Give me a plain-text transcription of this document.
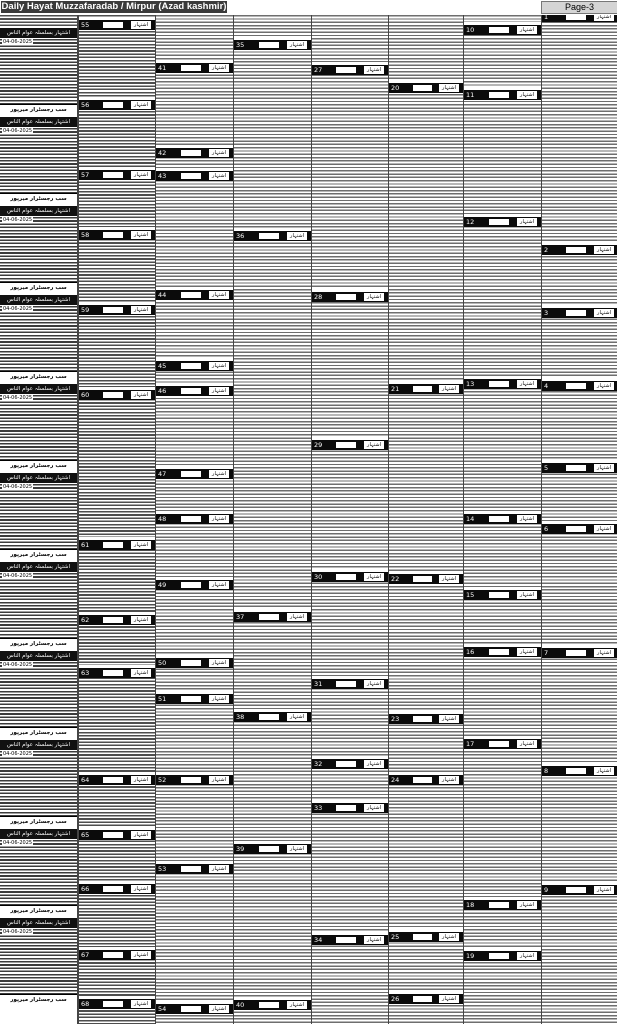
Daily Hayat Muzzafaradab / Mirpur (Azad kashmir)	Page-3
1	اشتہار
2	اشتہار
3	اشتہار
4	اشتہار
5	اشتہار
6	اشتہار
7	اشتہار
8	اشتہار
9	اشتہار
10	اشتہار
11	اشتہار
12	اشتہار
13	اشتہار
14	اشتہار
15	اشتہار
16	اشتہار
17	اشتہار
18	اشتہار
19	اشتہار
20	اشتہار
21	اشتہار
22	اشتہار
23	اشتہار
24	اشتہار
25	اشتہار
26	اشتہار
27	اشتہار
28	اشتہار
29	اشتہار
30	اشتہار
31	اشتہار
32	اشتہار
33	اشتہار
34	اشتہار
35	اشتہار
36	اشتہار
37	اشتہار
38	اشتہار
39	اشتہار
40	اشتہار
41	اشتہار
42	اشتہار
43	اشتہار
44	اشتہار
45	اشتہار
46	اشتہار
47	اشتہار
48	اشتہار
49	اشتہار
50	اشتہار
51	اشتہار
52	اشتہار
53	اشتہار
54	اشتہار
55	اشتہار
56	اشتہار
57	اشتہار
58	اشتہار
59	اشتہار
60	اشتہار
61	اشتہار
62	اشتہار
63	اشتہار
64	اشتہار
65	اشتہار
66	اشتہار
67	اشتہار
68	اشتہار
اشتہار بسلسلہ عوام الناس
04-06-2025
سب رجسٹرار میرپور
اشتہار بسلسلہ عوام الناس
04-06-2025
سب رجسٹرار میرپور
اشتہار بسلسلہ عوام الناس
04-06-2025
سب رجسٹرار میرپور
اشتہار بسلسلہ عوام الناس
04-06-2025
سب رجسٹرار میرپور
اشتہار بسلسلہ عوام الناس
04-06-2025
سب رجسٹرار میرپور
اشتہار بسلسلہ عوام الناس
04-06-2025
سب رجسٹرار میرپور
اشتہار بسلسلہ عوام الناس
04-06-2025
سب رجسٹرار میرپور
اشتہار بسلسلہ عوام الناس
04-06-2025
سب رجسٹرار میرپور
اشتہار بسلسلہ عوام الناس
04-06-2025
سب رجسٹرار میرپور
اشتہار بسلسلہ عوام الناس
04-06-2025
سب رجسٹرار میرپور
اشتہار بسلسلہ عوام الناس
04-06-2025
سب رجسٹرار میرپور
